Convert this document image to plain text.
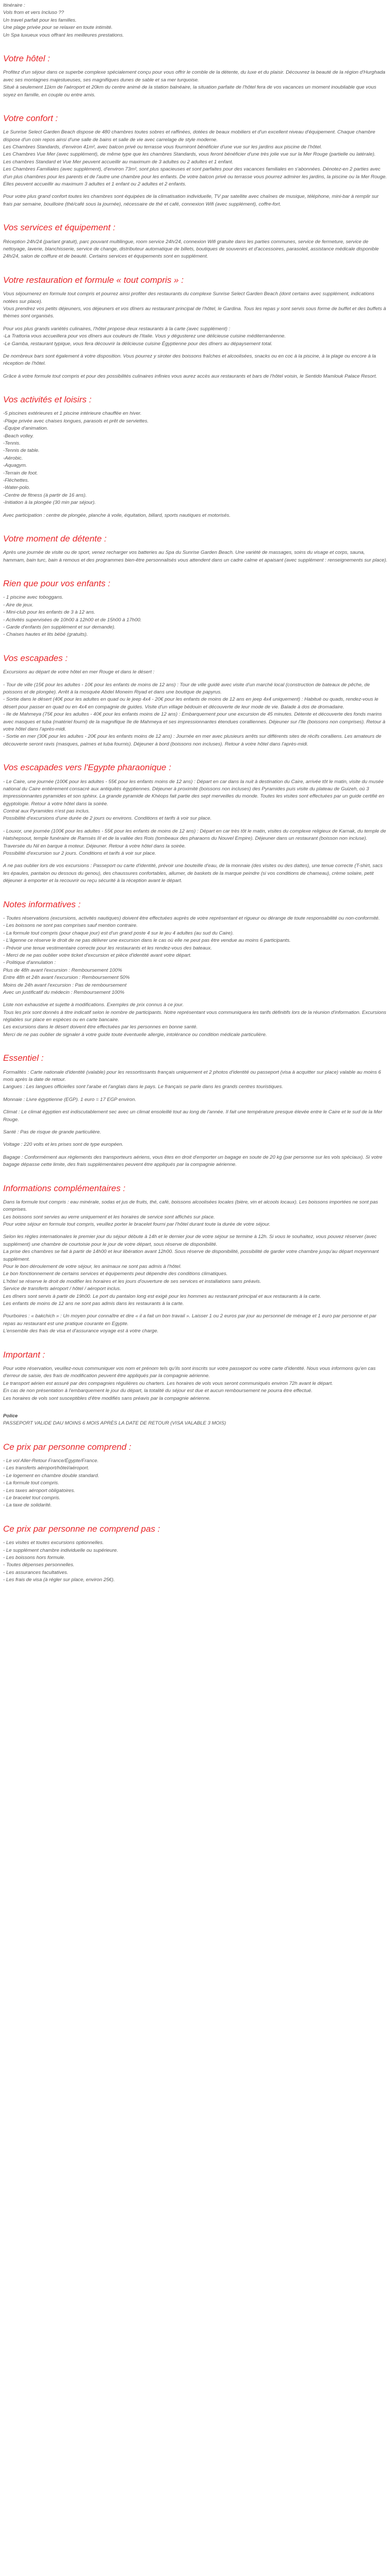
Itinéraire :

Vols from et vers Incluso ??

Un travel parfait pour les familles.

Une plage privée pour se relaxer en toute intimité.

Un Spa luxueux vous offrant les meilleures prestations.

Votre hôtel :

Profitez d'un séjour dans ce superbe complexe spécialement conçu pour vous offrir le comble de la détente, du luxe et du plaisir. Découvrez la beauté de la région d'Hurghada avec ses montagnes majestueuses, ses magnifiques dunes de sable et sa mer turquoise.
Situé à seulement 11km de l'aéroport et 20km du centre animé de la station balnéaire, la situation parfaite de l'hôtel fera de vos vacances un moment inoubliable que vous soyez en famille, en couple ou entre amis.

Votre confort :

Le Sunrise Select Garden Beach dispose de 480 chambres toutes sobres et raffinées, dotées de beaux mobiliers et d'un excellent niveau d'équipement. Chaque chambre dispose d'un coin repos ainsi d'une salle de bains et salle de vie avec carrelage de style moderne.
Les Chambres Standards, d'environ 41m², avec balcon privé ou terrasse vous fourniront bénéficier d'une vue sur les jardins aux piscine de l'hôtel.
Les Chambres Vue Mer (avec supplément), de même type que les chambres Standards, vous feront bénéficier d'une très jolie vue sur la Mer Rouge (partielle ou latérale).
Les chambres Standard et Vue Mer peuvent accueillir au maximum de 3 adultes ou 2 adultes et 1 enfant.
Les Chambres Familiales (avec supplément), d'environ 73m², sont plus spacieuses et sont parfaites pour des vacances familiales en s'abonnées. Dénotez-en 2 parties avec d'un plus chambres pour les parents et de l'autre une chambre pour les enfants. De votre balcon privé ou terrasse vous pourrez admirer les jardins, la piscine ou la Mer Rouge. Elles peuvent accueillir au maximum 3 adultes et 1 enfant ou 2 adultes et 2 enfants.

Pour votre plus grand confort toutes les chambres sont équipées de la climatisation individuelle, TV par satellite avec chaînes de musique, téléphone, mini-bar à remplir sur frais par semaine, bouilloire (thé/café sous la journée), nécessaire de thé et café, connexion Wifi (avec supplément), coffre-fort.

Vos services et équipement :

Réception 24h/24 (parlant gratuit), parc pouvant multilingue, room service 24h/24, connexion Wifi gratuite dans les parties communes, service de fermeture, service de nettoyage, laverie, blanchisserie, service de change, distributeur automatique de billets, boutiques de souvenirs et d'accessoires, parasoleil, assistance médicale disponible 24h/24, salon de coiffure et de beauté. Certains services et équipements sont en supplément.

Votre restauration et formule « tout compris » :

Vous séjournerez en formule tout compris et pourrez ainsi profiter des restaurants du complexe Sunrise Select Garden Beach (dont certains avec supplément, indications notées sur place).
Vous prendrez vos petits déjeuners, vos déjeuners et vos dîners au restaurant principal de l'hôtel, le Gardina. Tous les repas y sont servis sous forme de buffet et des buffets à thèmes sont organisés.

Pour vos plus grands variétés culinaires, l'hôtel propose deux restaurants à la carte (avec supplément) :
-La Trattoria vous accueillera pour vos dîners aux couleurs de l'Italie. Vous y dégusterez une délicieuse cuisine méditerranéenne.
-Le Gamba, restaurant typique, vous fera découvrir la délicieuse cuisine Égyptienne pour des dîners au dépaysement total.

De nombreux bars sont également à votre disposition. Vous pourrez y siroter des boissons fraîches et alcoolisées, snacks ou en coc à la piscine, à la plage ou encore à la réception de l'hôtel.

Grâce à votre formule tout compris et pour des possibilités culinaires infinies vous aurez accès aux restaurants et bars de l'hôtel voisin, le Sentido Mamlouk Palace Resort.

Vos activités et loisirs :

-5 piscines extérieures et 1 piscine intérieure chauffée en hiver.
-Plage privée avec chaises longues, parasols et prêt de serviettes.
-Équipe d'animation.
-Beach volley.
-Tennis.
-Tennis de table.
-Aérobic.
-Aquagym.
-Terrain de foot.
-Fléchettes.
-Water-polo.
-Centre de fitness (à partir de 16 ans).
-Initiation à la plongée (30 min par séjour).

Avec participation : centre de plongée, planche à voile, équitation, billard, sports nautiques et motorisés.

Votre moment de détente :

Après une journée de visite ou de sport, venez recharger vos batteries au Spa du Sunrise Garden Beach. Une variété de massages, soins du visage et corps, sauna, hammam, bain turc, bain à remous et des programmes bien-être personnalisés vous attendent dans un cadre calme et apaisant (avec supplément : renseignements sur place).

Rien que pour vos enfants :

- 1 piscine avec toboggans.
- Aire de jeux.
- Mini-club pour les enfants de 3 à 12 ans.
- Activités supervisées de 10h00 à 12h00 et de 15h00 à 17h00.
- Garde d'enfants (en supplément et sur demande).
- Chaises hautes et lits bébé (gratuits).

Vos escapades :

Excursions au départ de votre hôtel en mer Rouge et dans le désert :

- Tour de ville (15€ pour les adultes - 10€ pour les enfants de moins de 12 ans) : Tour de ville guidé avec visite d'un marché local (construction de bateaux de pêche, de poissons et de plongée). Arrêt à la mosquée Abdel Moneim Riyad et dans une boutique de papyrus.
- Sortie dans le désert (40€ pour les adultes en quad ou le jeep 4x4 - 20€ pour les enfants de moins de 12 ans en jeep 4x4 uniquement) : Habitué ou quads, rendez-vous le désert pour passer en quad ou en 4x4 en compagnie de guides. Visite d'un village bédouin et découverte de leur mode de vie. Balade à dos de dromadaire.
- Ile de Mahmeya (75€ pour les adultes - 40€ pour les enfants moins de 12 ans) : Embarquement pour une excursion de 45 minutes. Détente et découverte des fonds marins avec masques et tuba (matériel fourni) de la magnifique île de Mahmeya et ses impressionnantes étendues coralliennes. Déjeuner sur l'île (boissons non comprises). Retour à votre hôtel dans l'après-midi.
- Sortie en mer (30€ pour les adultes - 20€ pour les enfants moins de 12 ans) : Journée en mer avec plusieurs arrêts sur différents sites de récifs coralliens. Les amateurs de découverte seront ravis (masques, palmes et tuba fournis). Déjeuner à bord (boissons non incluses). Retour à votre hôtel dans l'après-midi.

Vos escapades vers l'Egypte pharaonique :

- Le Caire, une journée (100€ pour les adultes - 55€ pour les enfants moins de 12 ans) : Départ en car dans la nuit à destination du Caire, arrivée tôt le matin, visite du musée national du Caire entièrement consacré aux antiquités égyptiennes. Déjeuner à proximité (boissons non incluses) des Pyramides puis visite du plateau de Guizeh, où 3 impressionnantes pyramides et son sphinx. La grande pyramide de Khéops fait partie des sept merveilles du monde. Toutes les visites sont effectuées par un guide certifié en égyptologie. Retour à votre hôtel dans la soirée.
Contrat aux Pyramides n'est pas inclus.
Possibilité d'excursions d'une durée de 2 jours ou environs. Conditions et tarifs à voir sur place.

- Louxor, une journée (100€ pour les adultes - 55€ pour les enfants de moins de 12 ans) : Départ en car très tôt le matin, visites du complexe religieux de Karnak, du temple de Hatshepsout, temple funéraire de Ramsès III et de la vallée des Rois (tombeaux des pharaons du Nouvel Empire). Déjeuner dans un restaurant (boisson non incluse). Traversée du Nil en barque à moteur. Déjeuner. Retour à votre hôtel dans la soirée.
Possibilité d'excursion sur 2 jours. Conditions et tarifs à voir sur place.

A ne pas oublier lors de vos excursions : Passeport ou carte d'identité, prévoir une bouteille d'eau, de la monnaie (des visites ou des dattes), une tenue correcte (T-shirt, sacs les épaules, pantalon ou dessous du genou), des chaussures confortables, allumer, de baskets de la marque peindre (si vos conditions de chameau), crème solaire, petit déjeuner à emporter et la recouvrir ou reçu sécurité à la réception avant le départ.

Notes informatives :

- Toutes réservations (excursions, activités nautiques) doivent être effectuées auprès de votre représentant et rigueur ou dérange de toute responsabilité ou non-conformité.
- Les boissons ne sont pas comprises sauf mention contraire.
- La formule tout compris (pour chaque jour) est d'un grand poste 4 sur le jeu 4 adultes (au sud du Caire).
- L'âgenne ce réserve le droit de ne pas délivrer une excursion dans le cas où elle ne peut pas être vendue au moins 6 participants.
- Prévoir une tenue vestimentaire correcte pour les restaurants et les rendez-vous des bateaux.
- Merci de ne pas oublier votre ticket d'excursion et pièce d'identité avant votre départ.
- Politique d'annulation :
Plus de 48h avant l'excursion : Remboursement 100%
Entre 48h et 24h avant l'excursion : Remboursement 50%
Moins de 24h avant l'excursion : Pas de remboursement
Avec un justificatif du médecin : Remboursement 100%

Liste non exhaustive et sujette à modifications. Exemples de prix connus à ce jour.
Tous les prix sont donnés à titre indicatif selon le nombre de participants. Notre représentant vous communiquera les tarifs définitifs lors de la réunion d'information. Excursions réglables sur place en espèces ou en carte bancaire.
Les excursions dans le désert doivent être effectuées par les personnes en bonne santé.
Merci de ne pas oublier de signaler à votre guide toute éventuelle allergie, intolérance ou condition médicale particulière.

Essentiel :

Formalités : Carte nationale d'identité (valable) pour les ressortissants français uniquement et 2 photos d'identité ou passeport (visa à acquitter sur place) valable au moins 6 mois après la date de retour.
Langues : Les langues officielles sont l'arabe et l'anglais dans le pays. Le français se parle dans les grands centres touristiques.

Monnaie : Livre égyptienne (EGP). 1 euro = 17 EGP environ.

Climat : Le climat égyptien est indiscutablement sec avec un climat ensoleillé tout au long de l'année. Il fait une température presque élevée entre le Caire et le sud de la Mer Rouge.

Santé : Pas de risque de grande particulière.

Voltage : 220 volts et les prises sont de type européen.

Bagage : Conformément aux règlements des transporteurs aériens, vous êtes en droit d'emporter un bagage en soute de 20 kg (par personne sur les vols spéciaux). Si votre bagage dépasse cette limite, des frais supplémentaires peuvent être appliqués par la compagnie aérienne.

Informations complémentaires :

Dans la formule tout compris : eau minérale, sodas et jus de fruits, thé, café, boissons alcoolisées locales (bière, vin et alcools locaux). Les boissons importées ne sont pas comprises.
Les boissons sont servies au verre uniquement et les horaires de service sont affichés sur place.
Pour votre séjour en formule tout compris, veuillez porter le bracelet fourni par l'hôtel durant toute la durée de votre séjour.

Selon les règles internationales le premier jour du séjour débute à 14h et le dernier jour de votre séjour se termine à 12h. Si vous le souhaitez, vous pouvez réserver (avec supplément) une chambre de courtoisie pour le jour de votre départ, sous réserve de disponibilité.
La prise des chambres se fait à partir de 14h00 et leur libération avant 12h00. Sous réserve de disponibilité, possibilité de garder votre chambre jusqu'au départ moyennant supplément.
Pour le bon déroulement de votre séjour, les animaux ne sont pas admis à l'hôtel.
Le bon fonctionnement de certains services et équipements peut dépendre des conditions climatiques.
L'hôtel se réserve le droit de modifier les horaires et les jours d'ouverture de ses services et installations sans préavis.
Service de transferts aéroport / hôtel / aéroport inclus.
Les dîners sont servis à partir de 19h00. Le port du pantalon long est exigé pour les hommes au restaurant principal et aux restaurants à la carte.
Les enfants de moins de 12 ans ne sont pas admis dans les restaurants à la carte.

Pourboires : « bakchich » : Un moyen pour connaître et dire « il a fait un bon travail ». Laisser 1 ou 2 euros par jour au personnel de ménage et 1 euro par personne et par repas au restaurant est une pratique courante en Egypte.
L'ensemble des frais de visa et d'assurance voyage est à votre charge.

Important :

Pour votre réservation, veuillez-nous communiquer vos nom et prénom tels qu'ils sont inscrits sur votre passeport ou votre carte d'identité. Nous vous informons qu'en cas d'erreur de saisie, des frais de modification peuvent être appliqués par la compagnie aérienne.
Le transport aérien est assuré par des compagnies régulières ou charters. Les horaires de vols vous seront communiqués environ 72h avant le départ.
En cas de non présentation à l'embarquement le jour du départ, la totalité du séjour est due et aucun remboursement ne pourra être effectué.
Les horaires de vols sont susceptibles d'être modifiés sans préavis par la compagnie aérienne.

Police

PASSEPORT VALIDE DAU MOINS 6 MOIS APRÈS LA DATE DE RETOUR (VISA VALABLE 3 MOIS)

Ce prix par personne comprend :

- Le vol Aller-Retour France/Égypte/France.
- Les transferts aéroport/hôtel/aéroport.
- Le logement en chambre double standard.
- La formule tout compris.
- Les taxes aéroport obligatoires.
- Le bracelet tout compris.
- La taxe de solidarité.

Ce prix par personne ne comprend pas :

- Les visites et toutes excursions optionnelles.
- Le supplément chambre individuelle ou supérieure.
- Les boissons hors formule.
- Toutes dépenses personnelles.
- Les assurances facultatives.
- Les frais de visa (à régler sur place, environ 25€).
